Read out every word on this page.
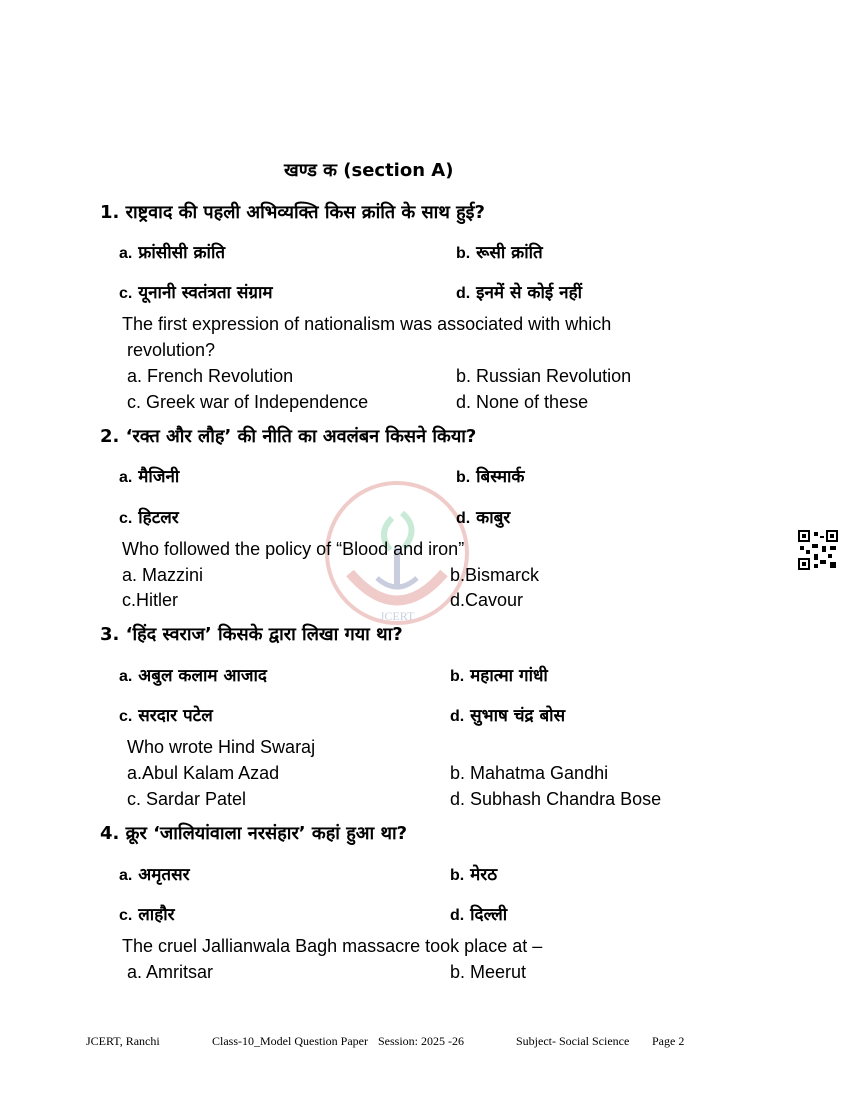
JCERT
खण्ड क (section A)
1. राष्ट्रवाद की पहली अभिव्यक्ति किस क्रांति के साथ हुई?
a. फ्रांसीसी क्रांति	b. रूसी क्रांति
c. यूनानी स्वतंत्रता संग्राम	d. इनमें से कोई नहीं
The first expression of nationalism was associated with which
revolution?
a. French Revolution	b. Russian Revolution
c. Greek war of Independence	d. None of these
2. ‘रक्त और लौह’ की नीति का अवलंबन किसने किया?
a. मैजिनी	b. बिस्मार्क
c. हिटलर	d. काबुर
Who followed the policy of “Blood and iron”
a. Mazzini	b.Bismarck
c.Hitler	d.Cavour
3. ‘हिंद स्वराज’ किसके द्वारा लिखा गया था?
a. अबुल कलाम आजाद	b. महात्मा गांधी
c. सरदार पटेल	d. सुभाष चंद्र बोस
Who wrote Hind Swaraj
a.Abul Kalam Azad	b. Mahatma Gandhi
c. Sardar Patel	d. Subhash Chandra Bose
4. क्रूर ‘जालियांवाला नरसंहार’ कहां हुआ था?
a. अमृतसर	b. मेरठ
c. लाहौर	d. दिल्ली
The cruel Jallianwala Bagh massacre took place at –
a. Amritsar	b. Meerut
JCERT, Ranchi	Class-10_Model Question Paper Session: 2025 -26	Subject- Social Science Page 2
